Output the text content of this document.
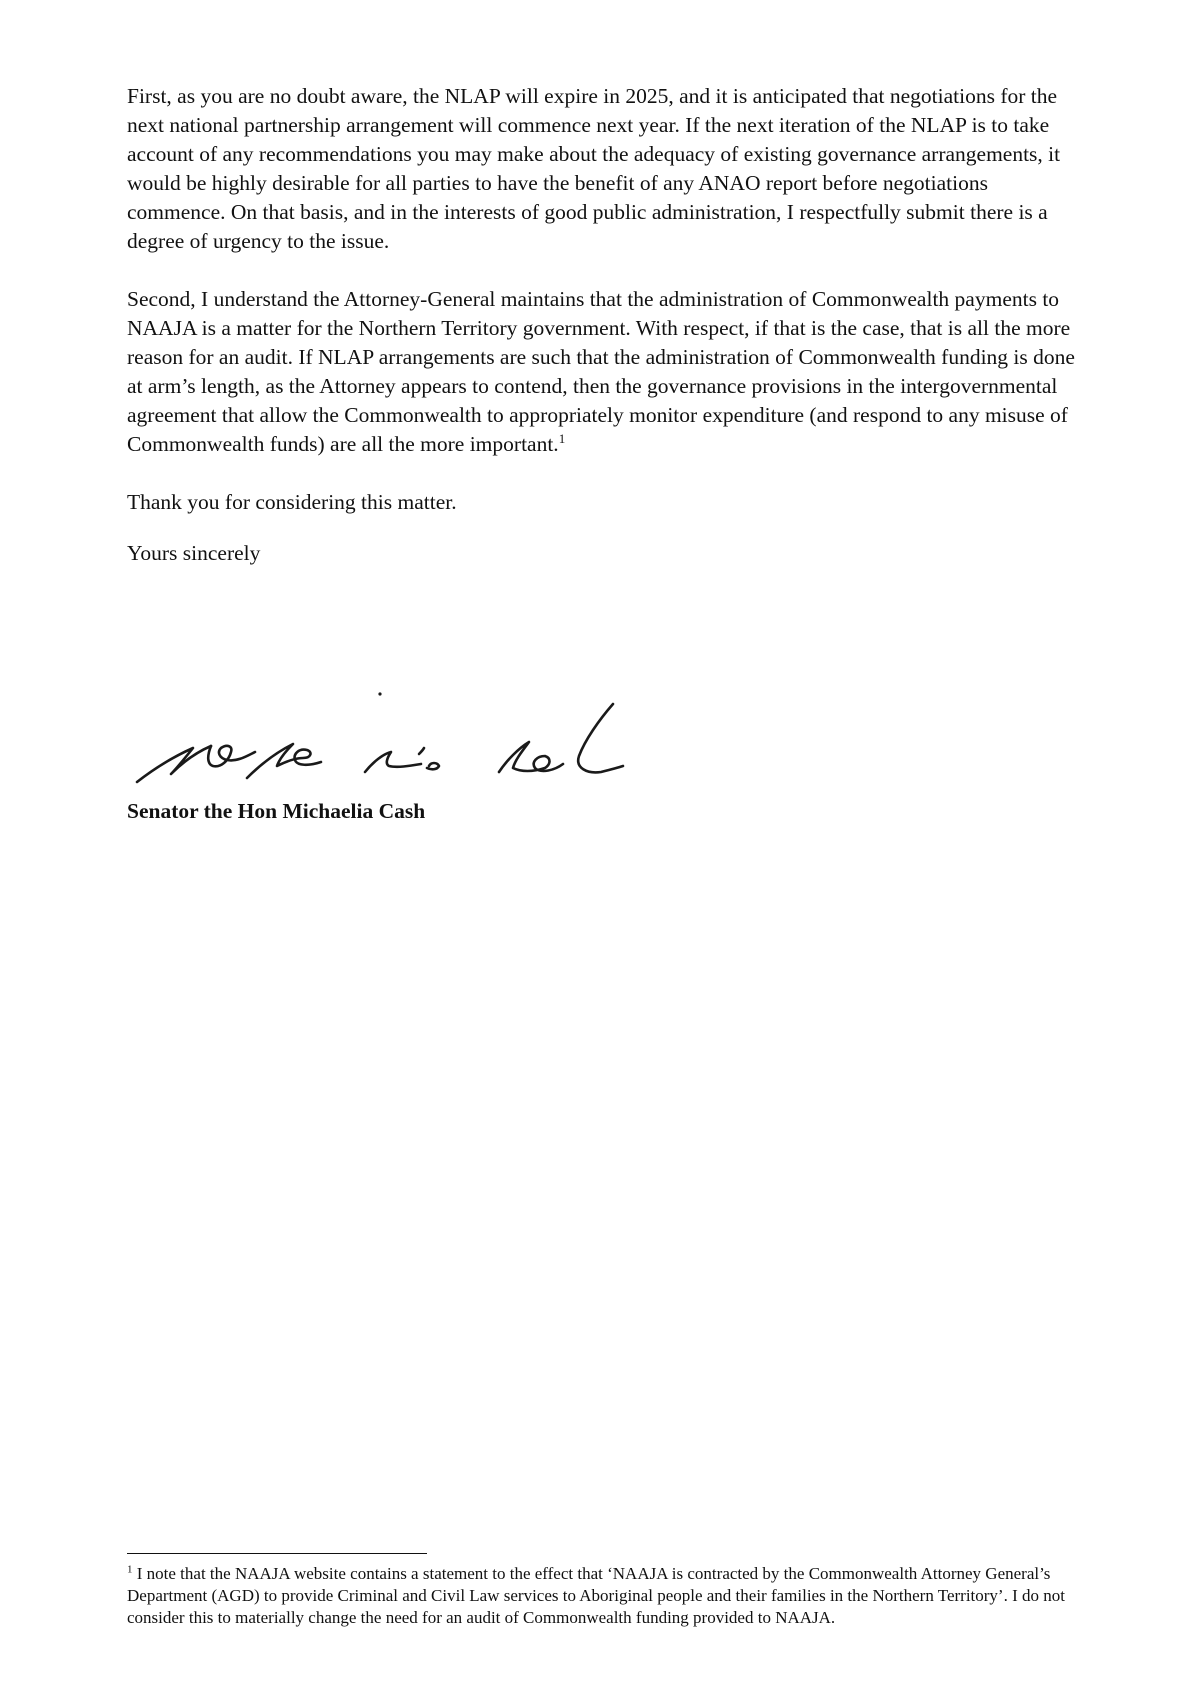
First, as you are no doubt aware, the NLAP will expire in 2025, and it is anticipated that negotiations for the next national partnership arrangement will commence next year. If the next iteration of the NLAP is to take account of any recommendations you may make about the adequacy of existing governance arrangements, it would be highly desirable for all parties to have the benefit of any ANAO report before negotiations commence. On that basis, and in the interests of good public administration, I respectfully submit there is a degree of urgency to the issue.

Second, I understand the Attorney-General maintains that the administration of Commonwealth payments to NAAJA is a matter for the Northern Territory government. With respect, if that is the case, that is all the more reason for an audit. If NLAP arrangements are such that the administration of Commonwealth funding is done at arm’s length, as the Attorney appears to contend, then the governance provisions in the intergovernmental agreement that allow the Commonwealth to appropriately monitor expenditure (and respond to any misuse of Commonwealth funds) are all the more important.$^1$

Thank you for considering this matter.

Yours sincerely

Senator the Hon Michaelia Cash
$^1$ I note that the NAAJA website contains a statement to the effect that ‘NAAJA is contracted by the Commonwealth Attorney General’s Department (AGD) to provide Criminal and Civil Law services to Aboriginal people and their families in the Northern Territory’. I do not consider this to materially change the need for an audit of Commonwealth funding provided to NAAJA.
